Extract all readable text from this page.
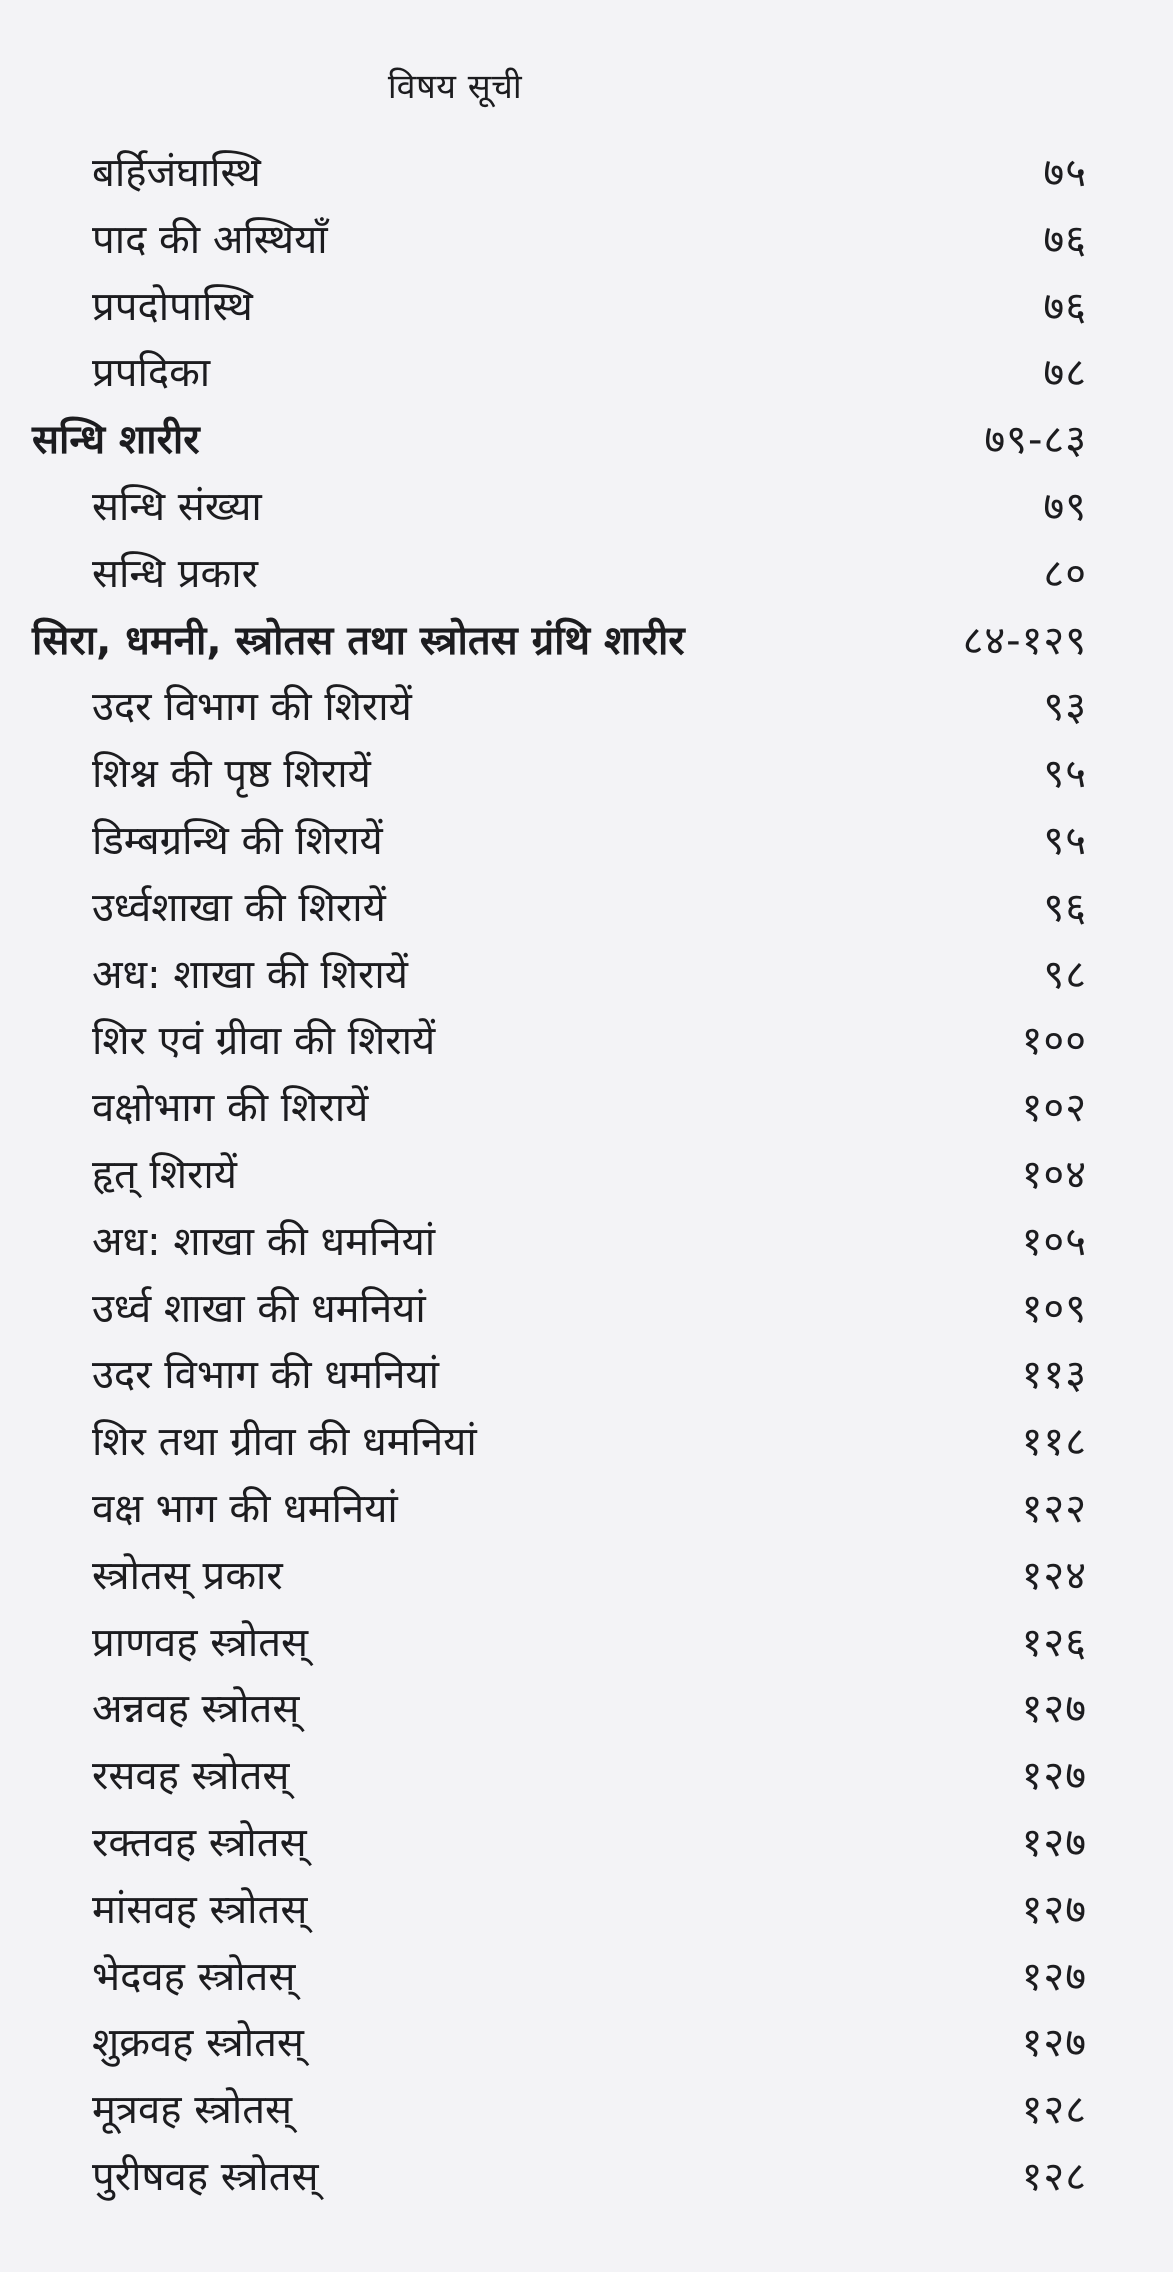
विषय सूची
बर्हिजंघास्थि	७५
पाद की अस्थियाँ	७६
प्रपदोपास्थि	७६
प्रपदिका	७८
सन्धि शारीर	७९-८३
सन्धि संख्या	७९
सन्धि प्रकार	८०
सिरा, धमनी, स्त्रोतस तथा स्त्रोतस ग्रंथि शारीर	८४-१२९
उदर विभाग की शिरायें	९३
शिश्न की पृष्ठ शिरायें	९५
डिम्बग्रन्थि की शिरायें	९५
उर्ध्वशाखा की शिरायें	९६
अध: शाखा की शिरायें	९८
शिर एवं ग्रीवा की शिरायें	१००
वक्षोभाग की शिरायें	१०२
हृत् शिरायें	१०४
अध: शाखा की धमनियां	१०५
उर्ध्व शाखा की धमनियां	१०९
उदर विभाग की धमनियां	११३
शिर तथा ग्रीवा की धमनियां	११८
वक्ष भाग की धमनियां	१२२
स्त्रोतस् प्रकार	१२४
प्राणवह स्त्रोतस्	१२६
अन्नवह स्त्रोतस्	१२७
रसवह स्त्रोतस्	१२७
रक्तवह स्त्रोतस्	१२७
मांसवह स्त्रोतस्	१२७
भेदवह स्त्रोतस्	१२७
शुक्रवह स्त्रोतस्	१२७
मूत्रवह स्त्रोतस्	१२८
पुरीषवह स्त्रोतस्	१२८
